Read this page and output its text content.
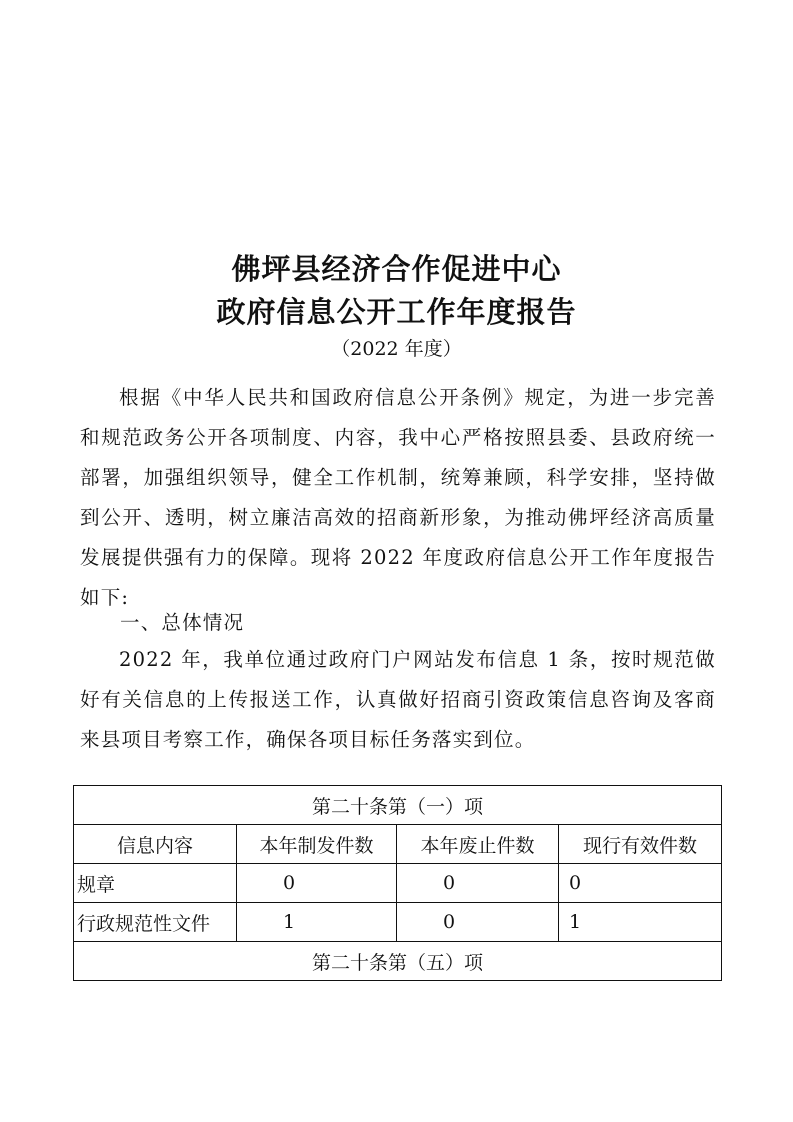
佛坪县经济合作促进中心
政府信息公开工作年度报告
（2022 年度）

根据《中华人民共和国政府信息公开条例》规定，为进一步完善和规范政务公开各项制度、内容，我中心严格按照县委、县政府统一部署，加强组织领导，健全工作机制，统筹兼顾，科学安排，坚持做到公开、透明，树立廉洁高效的招商新形象，为推动佛坪经济高质量发展提供强有力的保障。现将 2022 年度政府信息公开工作年度报告如下:

一、总体情况

2022 年，我单位通过政府门户网站发布信息 1 条，按时规范做好有关信息的上传报送工作，认真做好招商引资政策信息咨询及客商来县项目考察工作，确保各项目标任务落实到位。

第二十条第（一）项			
信息内容	本年制发件数	本年废止件数	现行有效件数
规章	0	0	0
行政规范性文件	1	0	1
第二十条第（五）项			
